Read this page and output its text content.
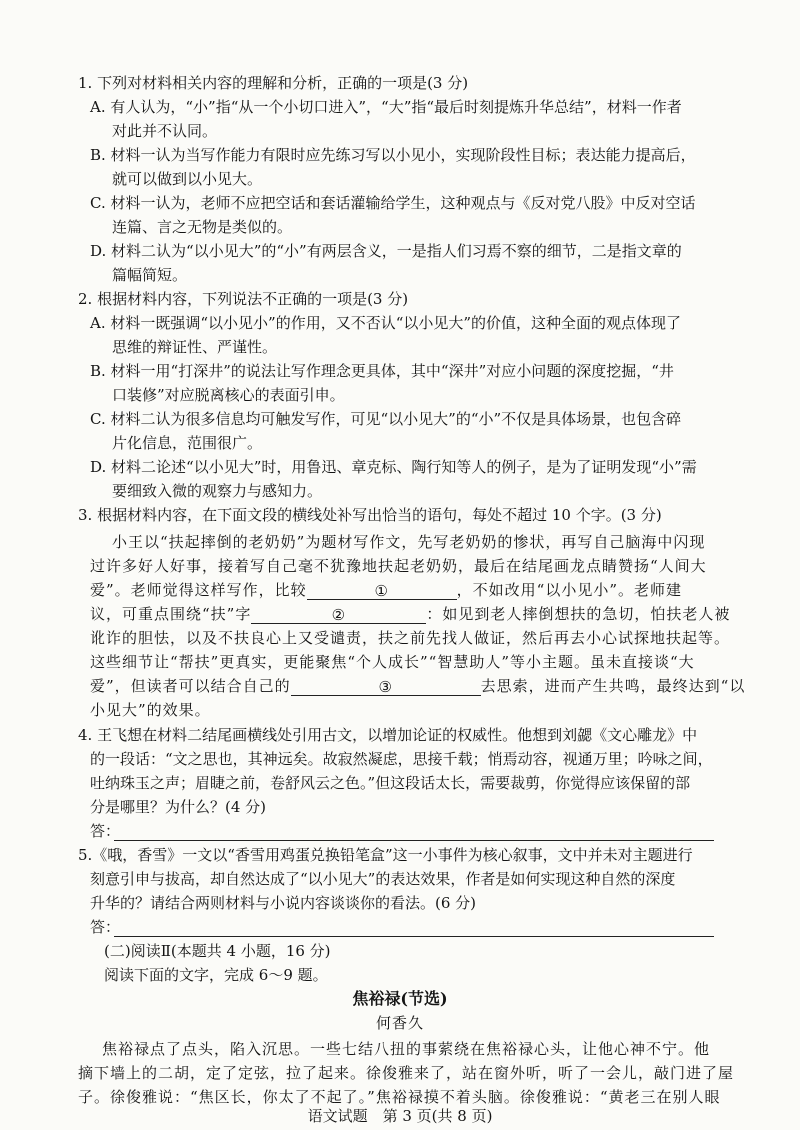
1. 下列对材料相关内容的理解和分析，正确的一项是(3 分)
A. 有人认为，“小”指“从一个小切口进入”，“大”指“最后时刻提炼升华总结”，材料一作者
对此并不认同。
B. 材料一认为当写作能力有限时应先练习写以小见小，实现阶段性目标；表达能力提高后，
就可以做到以小见大。
C. 材料一认为，老师不应把空话和套话灌输给学生，这种观点与《反对党八股》中反对空话
连篇、言之无物是类似的。
D. 材料二认为“以小见大”的“小”有两层含义，一是指人们习焉不察的细节，二是指文章的
篇幅简短。
2. 根据材料内容，下列说法不正确的一项是(3 分)
A. 材料一既强调“以小见小”的作用，又不否认“以小见大”的价值，这种全面的观点体现了
思维的辩证性、严谨性。
B. 材料一用“打深井”的说法让写作理念更具体，其中“深井”对应小问题的深度挖掘，“井
口装修”对应脱离核心的表面引申。
C. 材料二认为很多信息均可触发写作，可见“以小见大”的“小”不仅是具体场景，也包含碎
片化信息，范围很广。
D. 材料二论述“以小见大”时，用鲁迅、章克标、陶行知等人的例子，是为了证明发现“小”需
要细致入微的观察力与感知力。
3. 根据材料内容，在下面文段的横线处补写出恰当的语句，每处不超过 10 个字。(3 分)
小王以“扶起摔倒的老奶奶”为题材写作文，先写老奶奶的惨状，再写自己脑海中闪现
过许多好人好事，接着写自己毫不犹豫地扶起老奶奶，最后在结尾画龙点睛赞扬“人间大
爱”。老师觉得这样写作，比较	①	，不如改用“以小见小”。老师建
议，可重点围绕“扶”字	②	：如见到老人摔倒想扶的急切，怕扶老人被
讹诈的胆怯，以及不扶良心上又受谴责，扶之前先找人做证，然后再去小心试探地扶起等。
这些细节让“帮扶”更真实，更能聚焦“个人成长”“智慧助人”等小主题。虽未直接谈“大
爱”，但读者可以结合自己的	③	去思索，进而产生共鸣，最终达到“以
小见大”的效果。
4. 王飞想在材料二结尾画横线处引用古文，以增加论证的权威性。他想到刘勰《文心雕龙》中
的一段话：“文之思也，其神远矣。故寂然凝虑，思接千载；悄焉动容，视通万里；吟咏之间，
吐纳珠玉之声；眉睫之前，卷舒风云之色。”但这段话太长，需要裁剪，你觉得应该保留的部
分是哪里？为什么？(4 分)
答：
5.《哦，香雪》一文以“香雪用鸡蛋兑换铅笔盒”这一小事件为核心叙事，文中并未对主题进行
刻意引申与拔高，却自然达成了“以小见大”的表达效果，作者是如何实现这种自然的深度
升华的？请结合两则材料与小说内容谈谈你的看法。(6 分)
答：
(二)阅读Ⅱ(本题共 4 小题，16 分)
阅读下面的文字，完成 6～9 题。
焦裕禄(节选)
何香久
焦裕禄点了点头，陷入沉思。一些七结八扭的事萦绕在焦裕禄心头，让他心神不宁。他
摘下墙上的二胡，定了定弦，拉了起来。徐俊雅来了，站在窗外听，听了一会儿，敲门进了屋
子。徐俊雅说：“焦区长，你太了不起了。”焦裕禄摸不着头脑。徐俊雅说：“黄老三在别人眼
语文试题　第 3 页(共 8 页)
